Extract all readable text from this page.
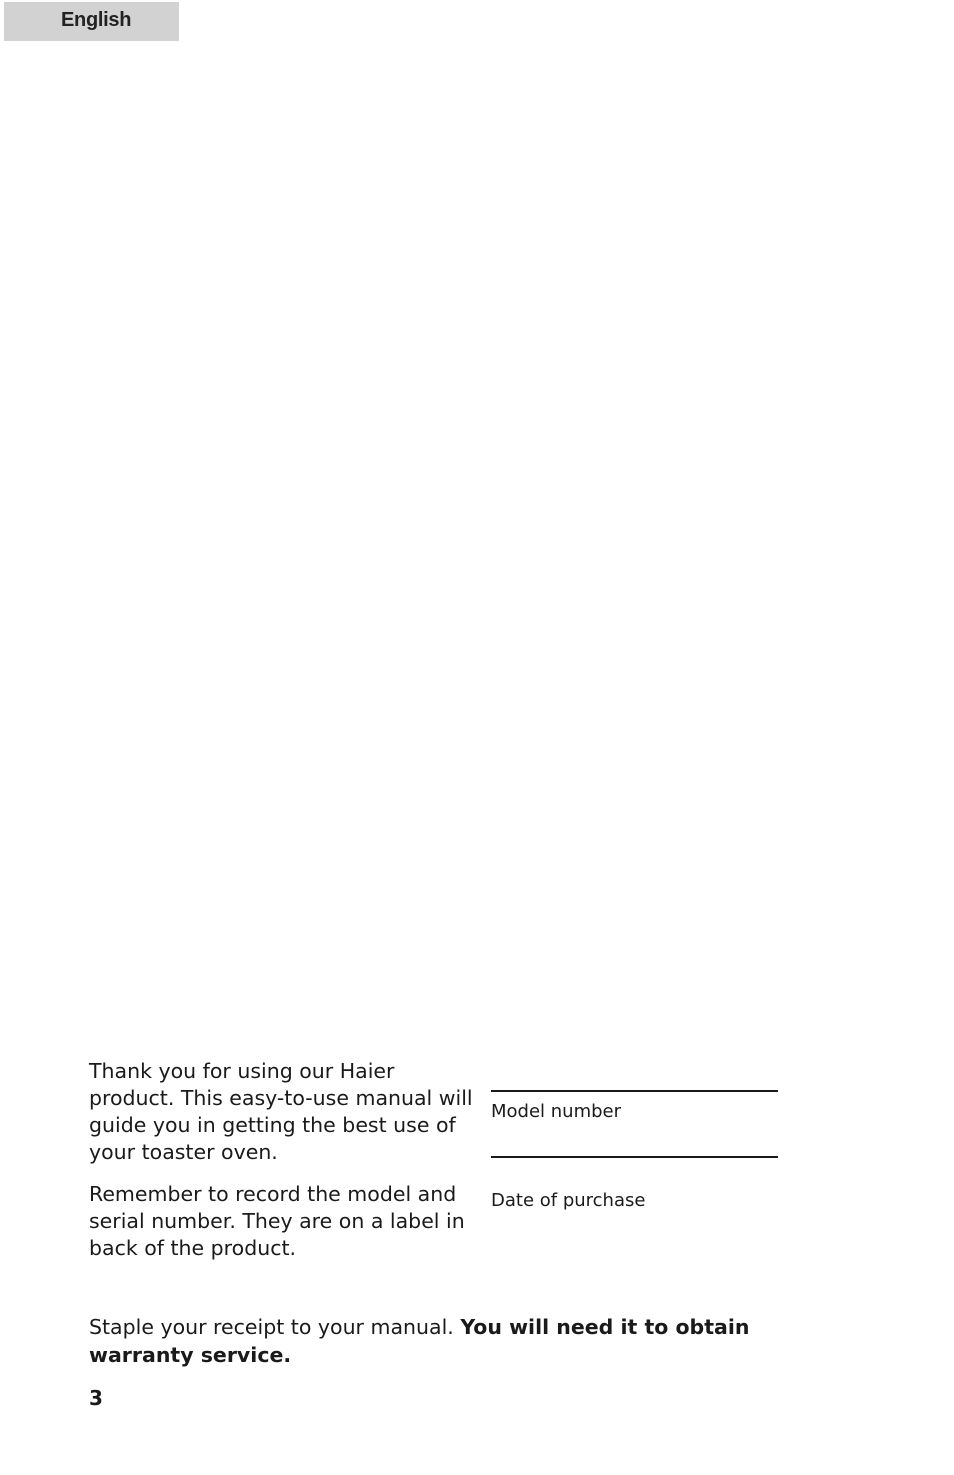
English

Thank you for using our Haier product. This easy-to-use manual will guide you in getting the best use of your toaster oven.

Remember to record the model and serial number. They are on a label in back of the product.

Model number
Date of purchase

Staple your receipt to your manual. You will need it to obtain warranty service.

3
